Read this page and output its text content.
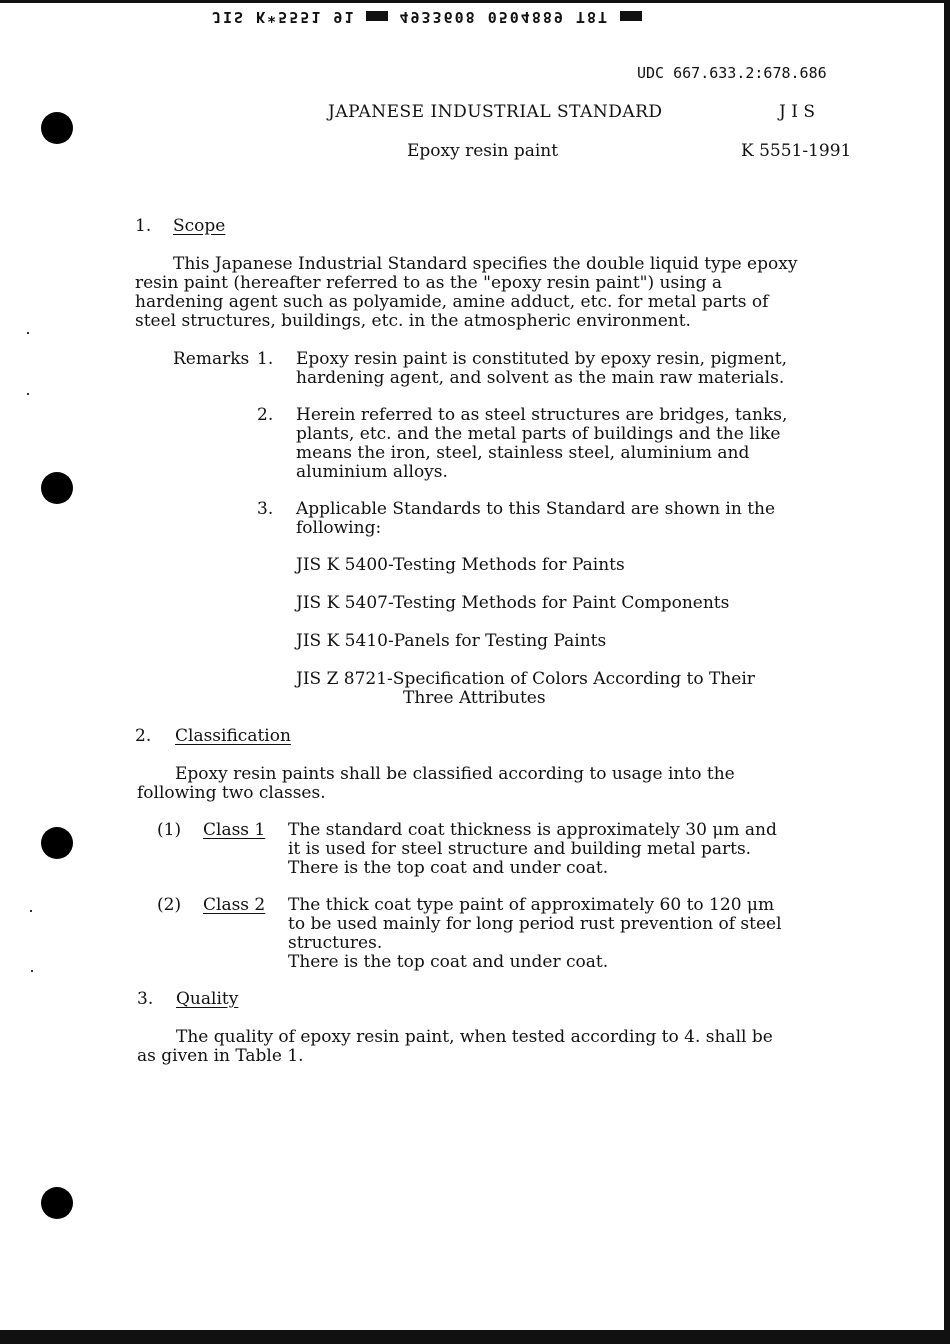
JIS K*5551 91	4933608 0504889 T8T
UDC 667.633.2:678.686
JAPANESE INDUSTRIAL STANDARD	J I S
Epoxy resin paint	K 5551-1991
1. Scope
This Japanese Industrial Standard specifies the double liquid type epoxy
resin paint (hereafter referred to as the "epoxy resin paint") using a
hardening agent such as polyamide, amine adduct, etc. for metal parts of
steel structures, buildings, etc. in the atmospheric environment.
Remarks 1. Epoxy resin paint is constituted by epoxy resin, pigment,
hardening agent, and solvent as the main raw materials.
2. Herein referred to as steel structures are bridges, tanks,
plants, etc. and the metal parts of buildings and the like
means the iron, steel, stainless steel, aluminium and
aluminium alloys.
3. Applicable Standards to this Standard are shown in the
following:
JIS K 5400-Testing Methods for Paints
JIS K 5407-Testing Methods for Paint Components
JIS K 5410-Panels for Testing Paints
JIS Z 8721-Specification of Colors According to Their
Three Attributes
2. Classification
Epoxy resin paints shall be classified according to usage into the
following two classes.
(1) Class 1 The standard coat thickness is approximately 30 μm and
it is used for steel structure and building metal parts.
There is the top coat and under coat.
(2) Class 2 The thick coat type paint of approximately 60 to 120 μm
to be used mainly for long period rust prevention of steel
structures.
There is the top coat and under coat.
3. Quality
The quality of epoxy resin paint, when tested according to 4. shall be
as given in Table 1.
